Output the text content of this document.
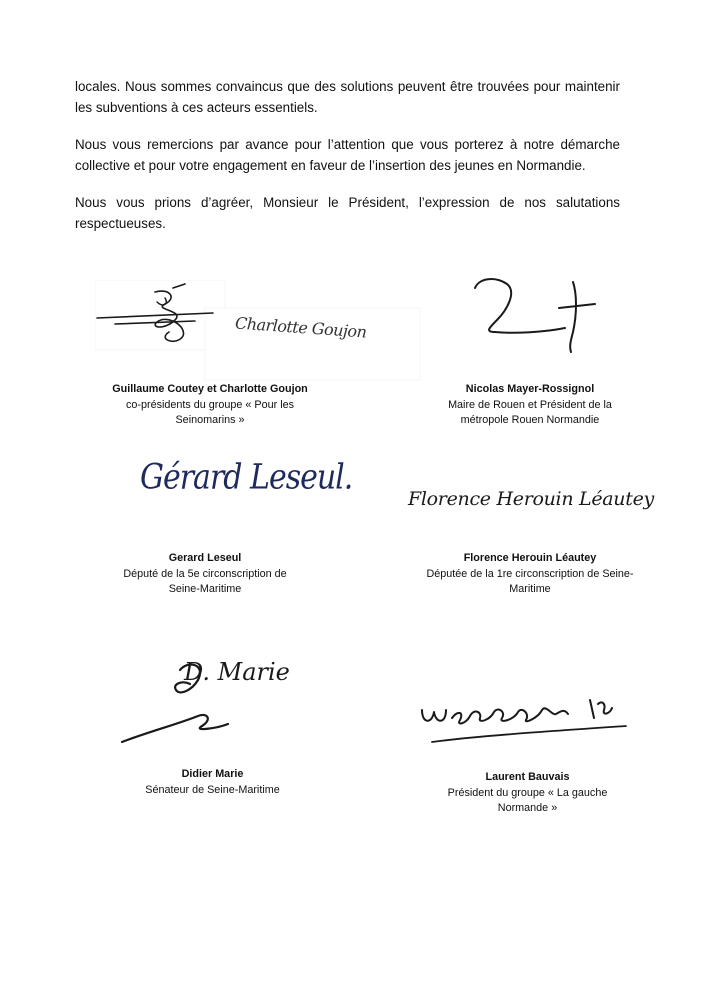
locales. Nous sommes convaincus que des solutions peuvent être trouvées pour maintenir les subventions à ces acteurs essentiels.

Nous vous remercions par avance pour l’attention que vous porterez à notre démarche collective et pour votre engagement en faveur de l’insertion des jeunes en Normandie.

Nous vous prions d’agréer, Monsieur le Président, l’expression de nos salutations respectueuses.

Charlotte Goujon
Guillaume Coutey et Charlotte Goujon
co-présidents du groupe « Pour les Seinomarins »
Nicolas Mayer-Rossignol
Maire de Rouen et Président de la métropole Rouen Normandie
Gérard Leseul.
Gerard Leseul
Député de la 5e circonscription de Seine-Maritime
Florence Herouin Léautey
Florence Herouin Léautey
Députée de la 1re circonscription de Seine-Maritime
D. Marie
Didier Marie
Sénateur de Seine-Maritime
Laurent Bauvais
Président du groupe « La gauche Normande »
